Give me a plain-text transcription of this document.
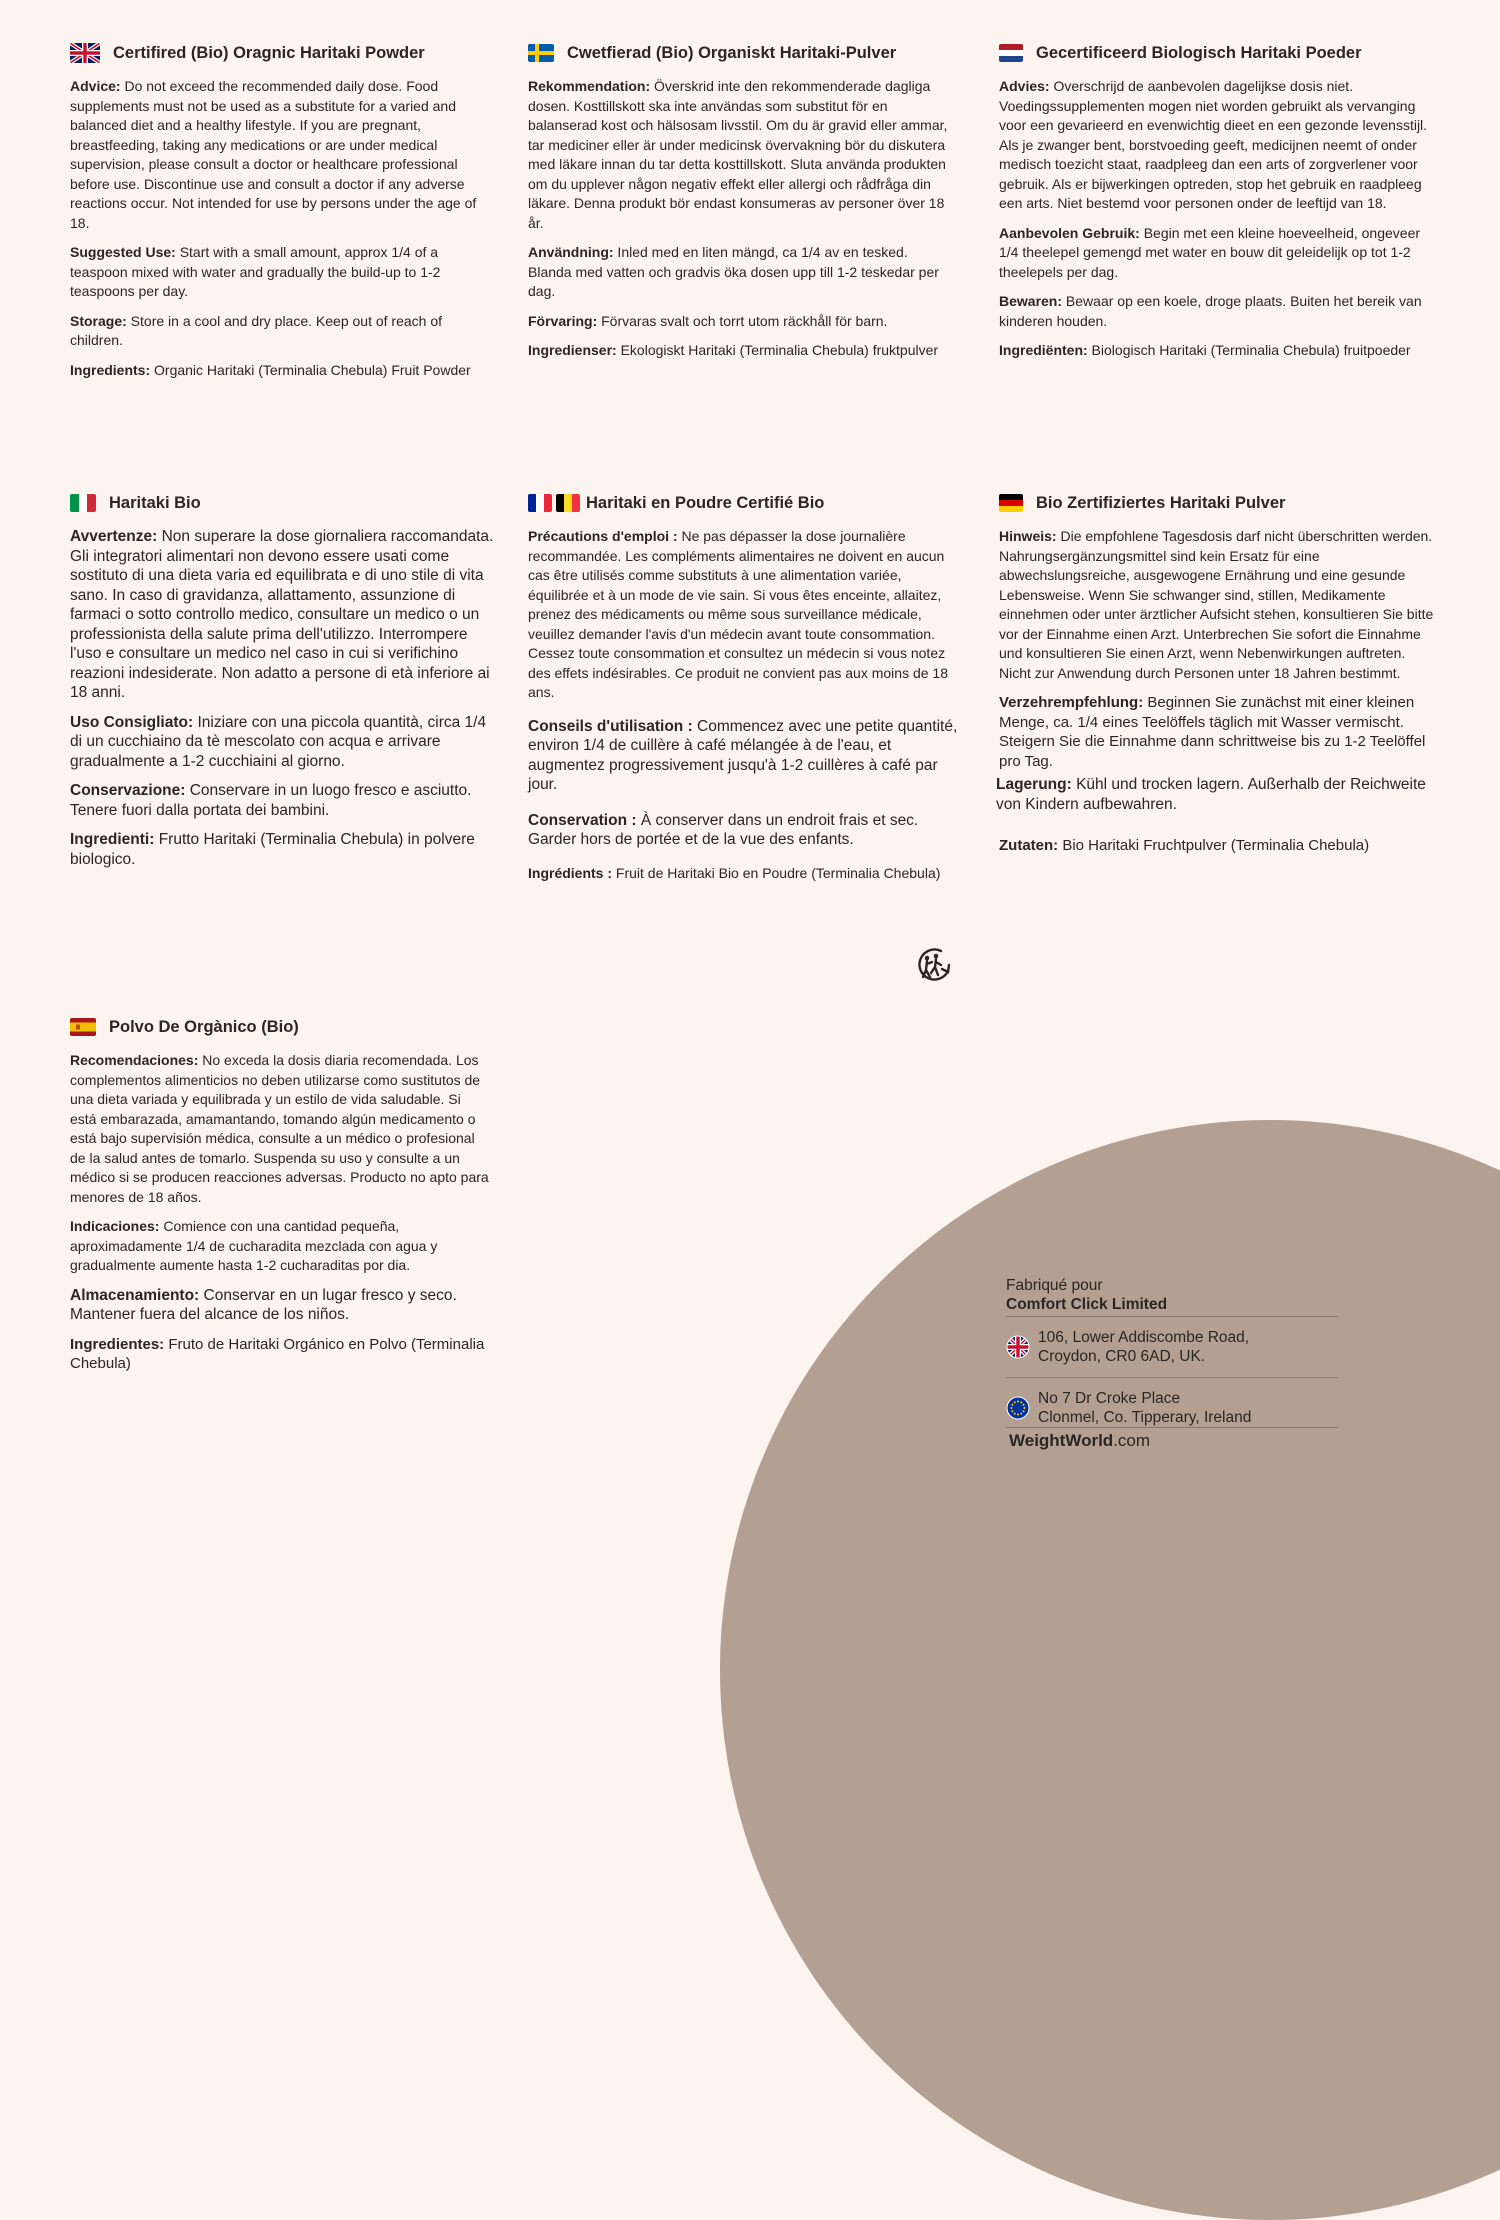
Certifired (Bio) Oragnic Haritaki Powder

Advice: Do not exceed the recommended daily dose. Food supplements must not be used as a substitute for a varied and balanced diet and a healthy lifestyle. If you are pregnant, breastfeeding, taking any medications or are under medical supervision, please consult a doctor or healthcare professional before use. Discontinue use and consult a doctor if any adverse reactions occur. Not intended for use by persons under the age of 18.

Suggested Use: Start with a small amount, approx 1/4 of a teaspoon mixed with water and gradually the build-up to 1-2 teaspoons per day.

Storage: Store in a cool and dry place. Keep out of reach of children.

Ingredients: Organic Haritaki (Terminalia Chebula) Fruit Powder

Cwetfierad (Bio) Organiskt Haritaki-Pulver

Rekommendation: Överskrid inte den rekommenderade dagliga dosen. Kosttillskott ska inte användas som substitut för en balanserad kost och hälsosam livsstil. Om du är gravid eller ammar, tar mediciner eller är under medicinsk övervakning bör du diskutera med läkare innan du tar detta kosttillskott. Sluta använda produkten om du upplever någon negativ effekt eller allergi och rådfråga din läkare. Denna produkt bör endast konsumeras av personer över 18 år.

Användning: Inled med en liten mängd, ca 1/4 av en tesked. Blanda med vatten och gradvis öka dosen upp till 1-2 teskedar per dag.

Förvaring: Förvaras svalt och torrt utom räckhåll för barn.

Ingredienser: Ekologiskt Haritaki (Terminalia Chebula) fruktpulver

Gecertificeerd Biologisch Haritaki Poeder

Advies: Overschrijd de aanbevolen dagelijkse dosis niet. Voedingssupplementen mogen niet worden gebruikt als vervanging voor een gevarieerd en evenwichtig dieet en een gezonde levensstijl. Als je zwanger bent, borstvoeding geeft, medicijnen neemt of onder medisch toezicht staat, raadpleeg dan een arts of zorgverlener voor gebruik. Als er bijwerkingen optreden, stop het gebruik en raadpleeg een arts. Niet bestemd voor personen onder de leeftijd van 18.

Aanbevolen Gebruik: Begin met een kleine hoeveelheid, ongeveer 1/4 theelepel gemengd met water en bouw dit geleidelijk op tot 1-2 theelepels per dag.

Bewaren: Bewaar op een koele, droge plaats. Buiten het bereik van kinderen houden.

Ingrediënten: Biologisch Haritaki (Terminalia Chebula) fruitpoeder

Haritaki Bio

Avvertenze: Non superare la dose giornaliera raccomandata. Gli integratori alimentari non devono essere usati come sostituto di una dieta varia ed equilibrata e di uno stile di vita sano. In caso di gravidanza, allattamento, assunzione di farmaci o sotto controllo medico, consultare un medico o un professionista della salute prima dell'utilizzo. Interrompere l'uso e consultare un medico nel caso in cui si verifichino reazioni indesiderate. Non adatto a persone di età inferiore ai 18 anni.

Uso Consigliato: Iniziare con una piccola quantità, circa 1/4 di un cucchiaino da tè mescolato con acqua e arrivare gradualmente a 1-2 cucchiaini al giorno.

Conservazione: Conservare in un luogo fresco e asciutto. Tenere fuori dalla portata dei bambini.

Ingredienti: Frutto Haritaki (Terminalia Chebula) in polvere biologico.

Haritaki en Poudre Certifié Bio

Précautions d'emploi : Ne pas dépasser la dose journalière recommandée. Les compléments alimentaires ne doivent en aucun cas être utilisés comme substituts à une alimentation variée, équilibrée et à un mode de vie sain. Si vous êtes enceinte, allaitez, prenez des médicaments ou même sous surveillance médicale, veuillez demander l'avis d'un médecin avant toute consommation. Cessez toute consommation et consultez un médecin si vous notez des effets indésirables. Ce produit ne convient pas aux moins de 18 ans.

Conseils d'utilisation : Commencez avec une petite quantité, environ 1/4 de cuillère à café mélangée à de l'eau, et augmentez progressivement jusqu'à 1-2 cuillères à café par jour.

Conservation : À conserver dans un endroit frais et sec. Garder hors de portée et de la vue des enfants.

Ingrédients : Fruit de Haritaki Bio en Poudre (Terminalia Chebula)

Bio Zertifiziertes Haritaki Pulver

Hinweis: Die empfohlene Tagesdosis darf nicht überschritten werden. Nahrungsergänzungsmittel sind kein Ersatz für eine abwechslungsreiche, ausgewogene Ernährung und eine gesunde Lebensweise. Wenn Sie schwanger sind, stillen, Medikamente einnehmen oder unter ärztlicher Aufsicht stehen, konsultieren Sie bitte vor der Einnahme einen Arzt. Unterbrechen Sie sofort die Einnahme und konsultieren Sie einen Arzt, wenn Nebenwirkungen auftreten. Nicht zur Anwendung durch Personen unter 18 Jahren bestimmt.

Verzehrempfehlung: Beginnen Sie zunächst mit einer kleinen Menge, ca. 1/4 eines Teelöffels täglich mit Wasser vermischt. Steigern Sie die Einnahme dann schrittweise bis zu 1-2 Teelöffel pro Tag.

Lagerung: Kühl und trocken lagern. Außerhalb der Reichweite von Kindern aufbewahren.

Zutaten: Bio Haritaki Fruchtpulver (Terminalia Chebula)

Polvo De Orgànico (Bio)

Recomendaciones: No exceda la dosis diaria recomendada. Los complementos alimenticios no deben utilizarse como sustitutos de una dieta variada y equilibrada y un estilo de vida saludable. Si está embarazada, amamantando, tomando algún medicamento o está bajo supervisión médica, consulte a un médico o profesional de la salud antes de tomarlo. Suspenda su uso y consulte a un médico si se producen reacciones adversas. Producto no apto para menores de 18 años.

Indicaciones: Comience con una cantidad pequeña, aproximadamente 1/4 de cucharadita mezclada con agua y gradualmente aumente hasta 1-2 cucharaditas por dia.

Almacenamiento: Conservar en un lugar fresco y seco. Mantener fuera del alcance de los niños.

Ingredientes: Fruto de Haritaki Orgánico en Polvo (Terminalia Chebula)

Fabriqué pour
Comfort Click Limited
106, Lower Addiscombe Road,
Croydon, CR0 6AD, UK.
No 7 Dr Croke Place
Clonmel, Co. Tipperary, Ireland
WeightWorld.com
